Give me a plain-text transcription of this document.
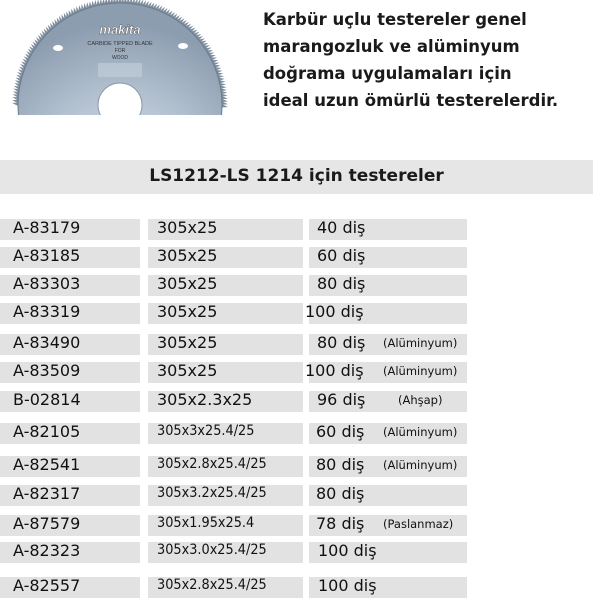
makita
CARBIDE TIPPED BLADE
FOR
WOOD
Karbür uçlu testereler genel
marangozluk ve alüminyum
doğrama uygulamaları için
ideal uzun ömürlü testerelerdir.
LS1212-LS 1214 için testereler
A-83179	305x25	40 diş
A-83185	305x25	60 diş
A-83303	305x25	80 diş
A-83319	305x25	100 diş
A-83490	305x25	80 diş (Alüminyum)
A-83509	305x25	100 diş (Alüminyum)
B-02814	305x2.3x25	96 diş	(Ahşap)
A-82105	305x3x25.4/25	60 diş (Alüminyum)
A-82541	305x2.8x25.4/25	80 diş (Alüminyum)
A-82317	305x3.2x25.4/25	80 diş
A-87579	305x1.95x25.4	78 diş (Paslanmaz)
A-82323	305x3.0x25.4/25	100 diş
A-82557	305x2.8x25.4/25	100 diş
